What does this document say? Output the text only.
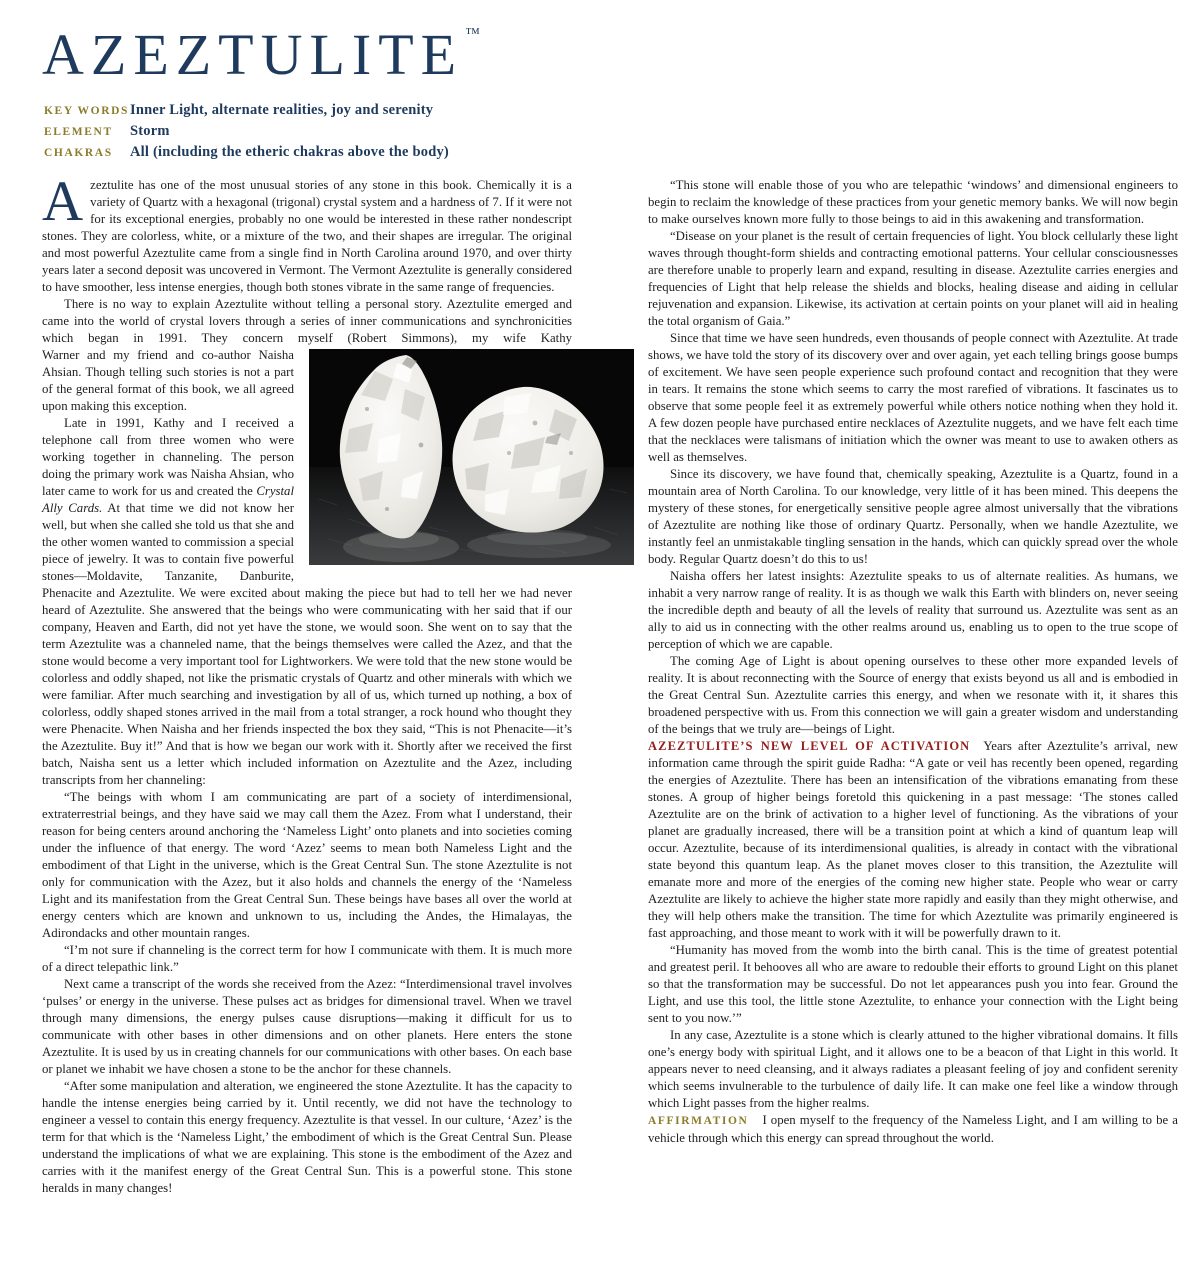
AZEZTULITE ™
KEY WORDS Inner Light, alternate realities, joy and serenity
ELEMENT	Storm
CHAKRAS	All (including the etheric chakras above the body)

Azeztulite has one of the most unusual stories of any stone in this book. Chemically it is a variety of Quartz with a hexagonal (trigonal) crystal system and a hardness of 7. If it were not for its exceptional energies, probably no one would be interested in these rather nondescript stones. They are colorless, white, or a mixture of the two, and their shapes are irregular. The original and most powerful Azeztulite came from a single find in North Carolina around 1970, and over thirty years later a second deposit was uncovered in Vermont. The Vermont Azeztulite is generally considered to have smoother, less intense energies, though both stones vibrate in the same range of frequencies.

There is no way to explain Azeztulite without telling a personal story. Azeztulite emerged and came into the world of crystal lovers through a series of inner communications and synchronicities which began in 1991. They concern myself (Robert Simmons), my wife Kathy

Warner and my friend and co-author Naisha Ahsian. Though telling such stories is not a part of the general format of this book, we all agreed upon making this exception.

Late in 1991, Kathy and I received a telephone call from three women who were working together in channeling. The person doing the primary work was Naisha Ahsian, who later came to work for us and created the Crystal Ally Cards. At that time we did not know her well, but when she called she told us that she and the other women wanted to commission a special piece of jewelry. It was to contain five powerful stones—Moldavite, Tanzanite, Danburite, Phenacite and Azeztulite. We were excited about making the piece but had to tell her we had never heard of Azeztulite. She answered that the beings who were communicating with her said that if our company, Heaven and Earth, did not yet have the stone, we would soon. She went on to say that the term Azeztulite was a channeled name, that the beings themselves were called the Azez, and that the stone would become a very important tool for Lightworkers. We were told that the new stone would be colorless and oddly shaped, not like the prismatic crystals of Quartz and other minerals with which we were familiar. After much searching and investigation by all of us, which turned up nothing, a box of colorless, oddly shaped stones arrived in the mail from a total stranger, a rock hound who thought they were Phenacite. When Naisha and her friends inspected the box they said, “This is not Phenacite—it’s the Azeztulite. Buy it!” And that is how we began our work with it. Shortly after we received the first batch, Naisha sent us a letter which included information on Azeztulite and the Azez, including transcripts from her channeling:

“The beings with whom I am communicating are part of a society of interdimensional, extraterrestrial beings, and they have said we may call them the Azez. From what I understand, their reason for being centers around anchoring the ‘Nameless Light’ onto planets and into societies coming under the influence of that energy. The word ‘Azez’ seems to mean both Nameless Light and the embodiment of that Light in the universe, which is the Great Central Sun. The stone Azeztulite is not only for communication with the Azez, but it also holds and channels the energy of the ‘Nameless Light and its manifestation from the Great Central Sun. These beings have bases all over the world at energy centers which are known and unknown to us, including the Andes, the Himalayas, the Adirondacks and other mountain ranges.

“I’m not sure if channeling is the correct term for how I communicate with them. It is much more of a direct telepathic link.”

Next came a transcript of the words she received from the Azez: “Interdimensional travel involves ‘pulses’ or energy in the universe. These pulses act as bridges for dimensional travel. When we travel through many dimensions, the energy pulses cause disruptions—making it difficult for us to communicate with other bases in other dimensions and on other planets. Here enters the stone Azeztulite. It is used by us in creating channels for our communications with other bases. On each base or planet we inhabit we have chosen a stone to be the anchor for these channels.

“After some manipulation and alteration, we engineered the stone Azeztulite. It has the capacity to handle the intense energies being carried by it. Until recently, we did not have the technology to engineer a vessel to contain this energy frequency. Azeztulite is that vessel. In our culture, ‘Azez’ is the term for that which is the ‘Nameless Light,’ the embodiment of which is the Great Central Sun. Please understand the implications of what we are explaining. This stone is the embodiment of the Azez and carries with it the manifest energy of the Great Central Sun. This is a powerful stone. This stone heralds in many changes!

“This stone will enable those of you who are telepathic ‘windows’ and dimensional engineers to begin to reclaim the knowledge of these practices from your genetic memory banks. We will now begin to make ourselves known more fully to those beings to aid in this awakening and transformation.

“Disease on your planet is the result of certain frequencies of light. You block cellularly these light waves through thought-form shields and contracting emotional patterns. Your cellular consciousnesses are therefore unable to properly learn and expand, resulting in disease. Azeztulite carries energies and frequencies of Light that help release the shields and blocks, healing disease and aiding in cellular rejuvenation and expansion. Likewise, its activation at certain points on your planet will aid in healing the total organism of Gaia.”

Since that time we have seen hundreds, even thousands of people connect with Azeztulite. At trade shows, we have told the story of its discovery over and over again, yet each telling brings goose bumps of excitement. We have seen people experience such profound contact and recognition that they were in tears. It remains the stone which seems to carry the most rarefied of vibrations. It fascinates us to observe that some people feel it as extremely powerful while others notice nothing when they hold it. A few dozen people have purchased entire necklaces of Azeztulite nuggets, and we have felt each time that the necklaces were talismans of initiation which the owner was meant to use to awaken others as well as themselves.

Since its discovery, we have found that, chemically speaking, Azeztulite is a Quartz, found in a mountain area of North Carolina. To our knowledge, very little of it has been mined. This deepens the mystery of these stones, for energetically sensitive people agree almost universally that the vibrations of Azeztulite are nothing like those of ordinary Quartz. Personally, when we handle Azeztulite, we instantly feel an unmistakable tingling sensation in the hands, which can quickly spread over the whole body. Regular Quartz doesn’t do this to us!

Naisha offers her latest insights: Azeztulite speaks to us of alternate realities. As humans, we inhabit a very narrow range of reality. It is as though we walk this Earth with blinders on, never seeing the incredible depth and beauty of all the levels of reality that surround us. Azeztulite was sent as an ally to aid us in connecting with the other realms around us, enabling us to open to the true scope of perception of which we are capable.

The coming Age of Light is about opening ourselves to these other more expanded levels of reality. It is about reconnecting with the Source of energy that exists beyond us all and is embodied in the Great Central Sun. Azeztulite carries this energy, and when we resonate with it, it shares this broadened perspective with us. From this connection we will gain a greater wisdom and understanding of the beings that we truly are—beings of Light.

AZEZTULITE’S NEW LEVEL OF ACTIVATION Years after Azeztulite’s arrival, new information came through the spirit guide Radha: “A gate or veil has recently been opened, regarding the energies of Azeztulite. There has been an intensification of the vibrations emanating from these stones. A group of higher beings foretold this quickening in a past message: ‘The stones called Azeztulite are on the brink of activation to a higher level of functioning. As the vibrations of your planet are gradually increased, there will be a transition point at which a kind of quantum leap will occur. Azeztulite, because of its interdimensional qualities, is already in contact with the vibrational state beyond this quantum leap. As the planet moves closer to this transition, the Azeztulite will emanate more and more of the energies of the coming new higher state. People who wear or carry Azeztulite are likely to achieve the higher state more rapidly and easily than they might otherwise, and they will help others make the transition. The time for which Azeztulite was primarily engineered is fast approaching, and those meant to work with it will be powerfully drawn to it.

“Humanity has moved from the womb into the birth canal. This is the time of greatest potential and greatest peril. It behooves all who are aware to redouble their efforts to ground Light on this planet so that the transformation may be successful. Do not let appearances push you into fear. Ground the Light, and use this tool, the little stone Azeztulite, to enhance your connection with the Light being sent to you now.’”

In any case, Azeztulite is a stone which is clearly attuned to the higher vibrational domains. It fills one’s energy body with spiritual Light, and it allows one to be a beacon of that Light in this world. It appears never to need cleansing, and it always radiates a pleasant feeling of joy and confident serenity which seems invulnerable to the turbulence of daily life. It can make one feel like a window through which Light passes from the higher realms.

AFFIRMATION I open myself to the frequency of the Nameless Light, and I am willing to be a vehicle through which this energy can spread throughout the world.
